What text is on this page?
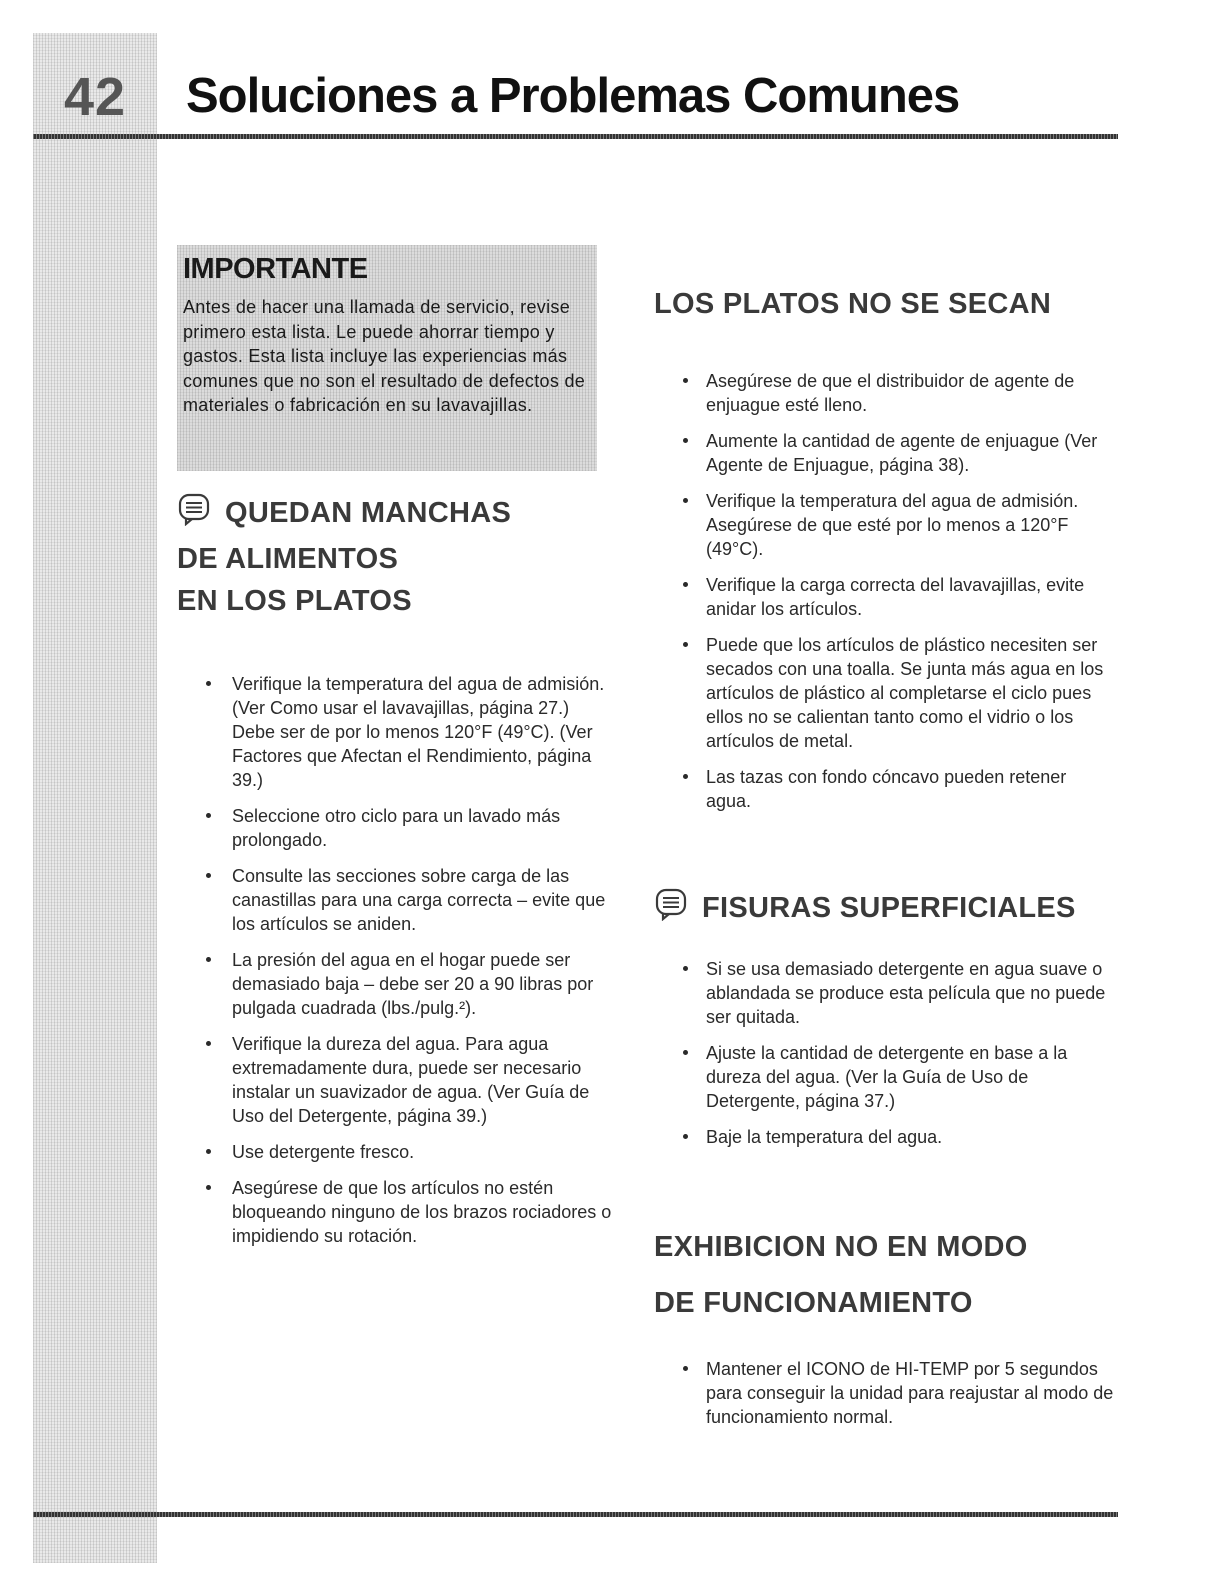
42	Soluciones a Problemas Comunes
IMPORTANTE

Antes de hacer una llamada de servicio, revise primero esta lista. Le puede ahorrar tiempo y gastos. Esta lista incluye las experiencias más comunes que no son el resultado de defectos de materiales o fabricación en su lavavajillas.

QUEDAN MANCHAS
DE ALIMENTOS
EN LOS PLATOS
Verifique la temperatura del agua de admisión. (Ver Como usar el lavavajillas, página 27.) Debe ser de por lo menos 120°F (49°C). (Ver Factores que Afectan el Rendimiento, página 39.)
Seleccione otro ciclo para un lavado más prolongado.
Consulte las secciones sobre carga de las canastillas para una carga correcta – evite que los artículos se aniden.
La presión del agua en el hogar puede ser demasiado baja – debe ser 20 a 90 libras por pulgada cuadrada (lbs./pulg.²).
Verifique la dureza del agua. Para agua extremadamente dura, puede ser necesario instalar un suavizador de agua. (Ver Guía de Uso del Detergente, página 39.)
Use detergente fresco.
Asegúrese de que los artículos no estén bloqueando ninguno de los brazos rociadores o impidiendo su rotación.
LOS PLATOS NO SE SECAN
Asegúrese de que el distribuidor de agente de enjuague esté lleno.
Aumente la cantidad de agente de enjuague (Ver Agente de Enjuague, página 38).
Verifique la temperatura del agua de admisión. Asegúrese de que esté por lo menos a 120°F (49°C).
Verifique la carga correcta del lavavajillas, evite anidar los artículos.
Puede que los artículos de plástico necesiten ser secados con una toalla. Se junta más agua en los artículos de plástico al completarse el ciclo pues ellos no se calientan tanto como el vidrio o los artículos de metal.
Las tazas con fondo cóncavo pueden retener agua.
FISURAS SUPERFICIALES
Si se usa demasiado detergente en agua suave o ablandada se produce esta película que no puede ser quitada.
Ajuste la cantidad de detergente en base a la dureza del agua. (Ver la Guía de Uso de Detergente, página 37.)
Baje la temperatura del agua.
EXHIBICION NO EN MODO
DE FUNCIONAMIENTO
Mantener el ICONO de HI-TEMP por 5 segundos para conseguir la unidad para reajustar al modo de funcionamiento normal.
